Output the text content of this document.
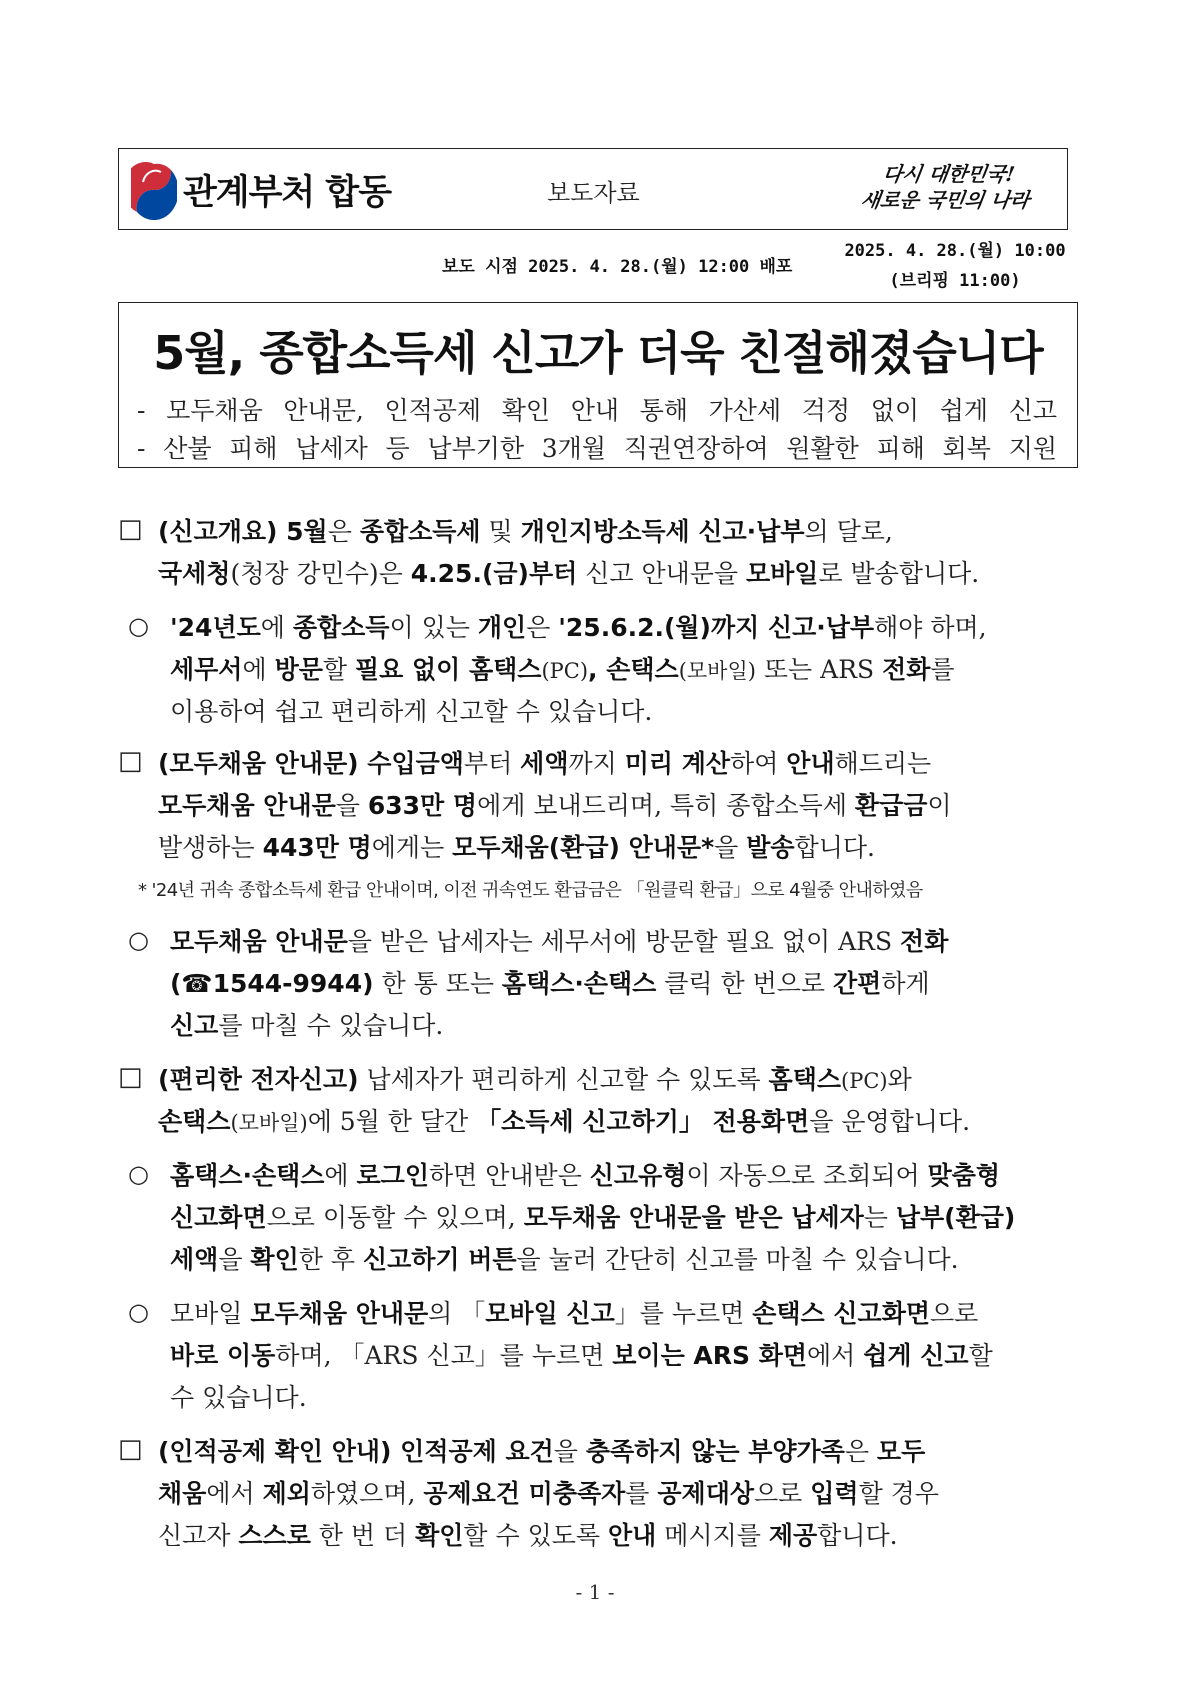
관계부처 합동	보도자료
다시 대한민국!
새로운 국민의 나라
보도 시점 2025. 4. 28.(월) 12:00 배포
2025. 4. 28.(월) 10:00
(브리핑 11:00)
5월, 종합소득세 신고가 더욱 친절해졌습니다
- 모두채움 안내문, 인적공제 확인 안내 통해 가산세 걱정 없이 쉽게 신고
- 산불 피해 납세자 등 납부기한 3개월 직권연장하여 원활한 피해 회복 지원
□ (신고개요) 5월은 종합소득세 및 개인지방소득세 신고·납부의 달로,
국세청(청장 강민수)은 4.25.(금)부터 신고 안내문을 모바일로 발송합니다.
○ '24년도에 종합소득이 있는 개인은 '25.6.2.(월)까지 신고·납부해야 하며,
세무서에 방문할 필요 없이 홈택스(PC), 손택스(모바일) 또는 ARS 전화를
이용하여 쉽고 편리하게 신고할 수 있습니다.
□ (모두채움 안내문) 수입금액부터 세액까지 미리 계산하여 안내해드리는
모두채움 안내문을 633만 명에게 보내드리며, 특히 종합소득세 환급금이
발생하는 443만 명에게는 모두채움(환급) 안내문*을 발송합니다.
* '24년 귀속 종합소득세 환급 안내이며, 이전 귀속연도 환급금은 「원클릭 환급」으로 4월중 안내하였음
○ 모두채움 안내문을 받은 납세자는 세무서에 방문할 필요 없이 ARS 전화
(☎1544-9944) 한 통 또는 홈택스·손택스 클릭 한 번으로 간편하게
신고를 마칠 수 있습니다.
□ (편리한 전자신고) 납세자가 편리하게 신고할 수 있도록 홈택스(PC)와
손택스(모바일)에 5월 한 달간 「소득세 신고하기」 전용화면을 운영합니다.
○ 홈택스·손택스에 로그인하면 안내받은 신고유형이 자동으로 조회되어 맞춤형
신고화면으로 이동할 수 있으며, 모두채움 안내문을 받은 납세자는 납부(환급)
세액을 확인한 후 신고하기 버튼을 눌러 간단히 신고를 마칠 수 있습니다.
○ 모바일 모두채움 안내문의 「모바일 신고」를 누르면 손택스 신고화면으로
바로 이동하며, 「ARS 신고」를 누르면 보이는 ARS 화면에서 쉽게 신고할
수 있습니다.
□ (인적공제 확인 안내) 인적공제 요건을 충족하지 않는 부양가족은 모두
채움에서 제외하였으며, 공제요건 미충족자를 공제대상으로 입력할 경우
신고자 스스로 한 번 더 확인할 수 있도록 안내 메시지를 제공합니다.
- 1 -
